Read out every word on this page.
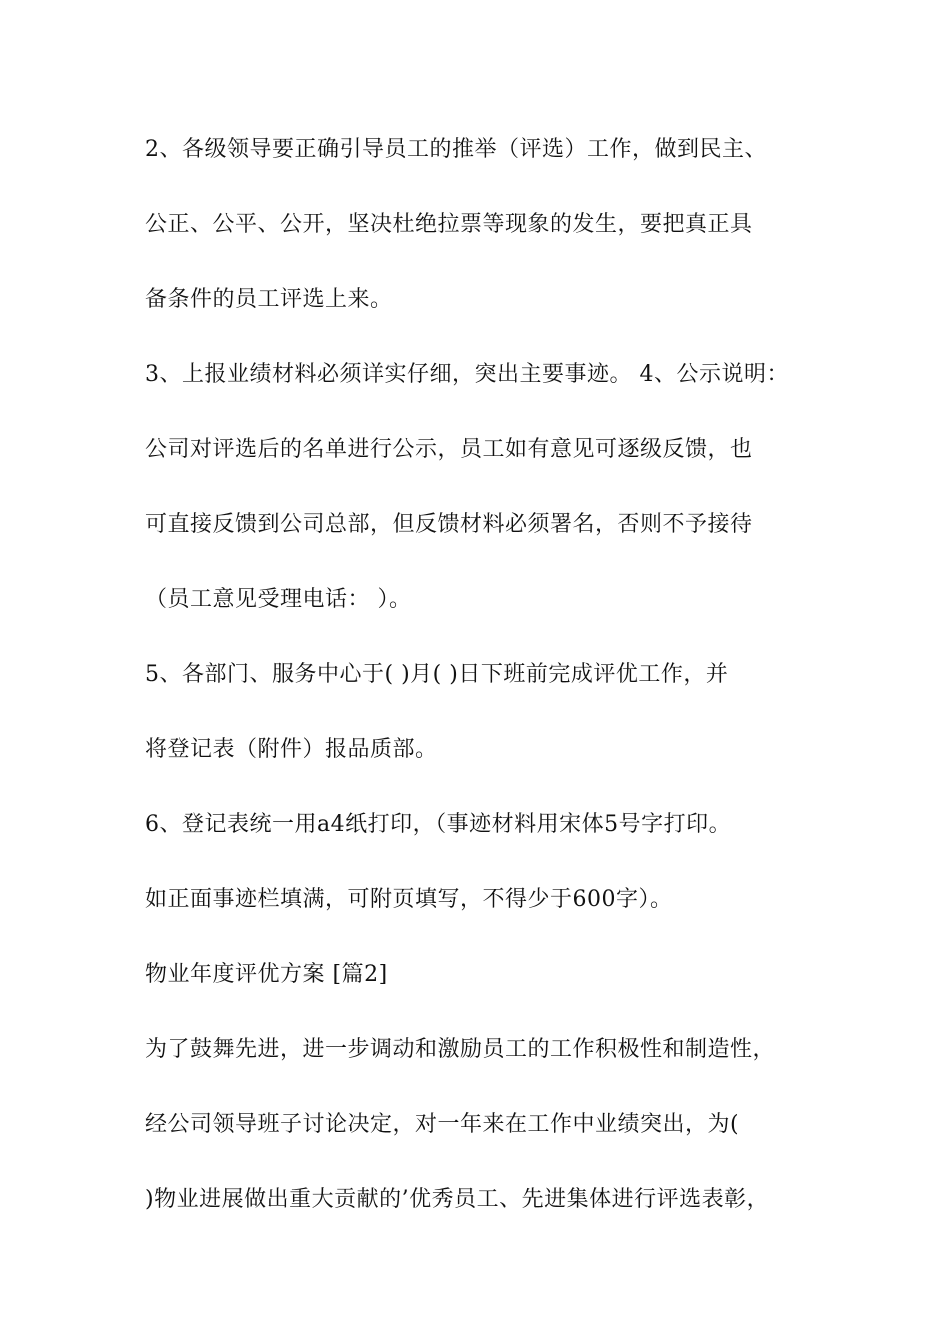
2、各级领导要正确引导员工的推举（评选）工作，做到民主、
公正、公平、公开，坚决杜绝拉票等现象的发生，要把真正具
备条件的员工评选上来。
3、上报业绩材料必须详实仔细，突出主要事迹。 4、公示说明：
公司对评选后的名单进行公示，员工如有意见可逐级反馈，也
可直接反馈到公司总部，但反馈材料必须署名，否则不予接待
（员工意见受理电话： ）。
5、各部门、服务中心于( )月( )日下班前完成评优工作，并
将登记表（附件）报品质部。
6、登记表统一用a4纸打印，（事迹材料用宋体5号字打印。
如正面事迹栏填满，可附页填写，不得少于600字）。
物业年度评优方案 [篇2]
为了鼓舞先进，进一步调动和激励员工的工作积极性和制造性，
经公司领导班子讨论决定，对一年来在工作中业绩突出，为(
)物业进展做出重大贡献的’优秀员工、先进集体进行评选表彰，
